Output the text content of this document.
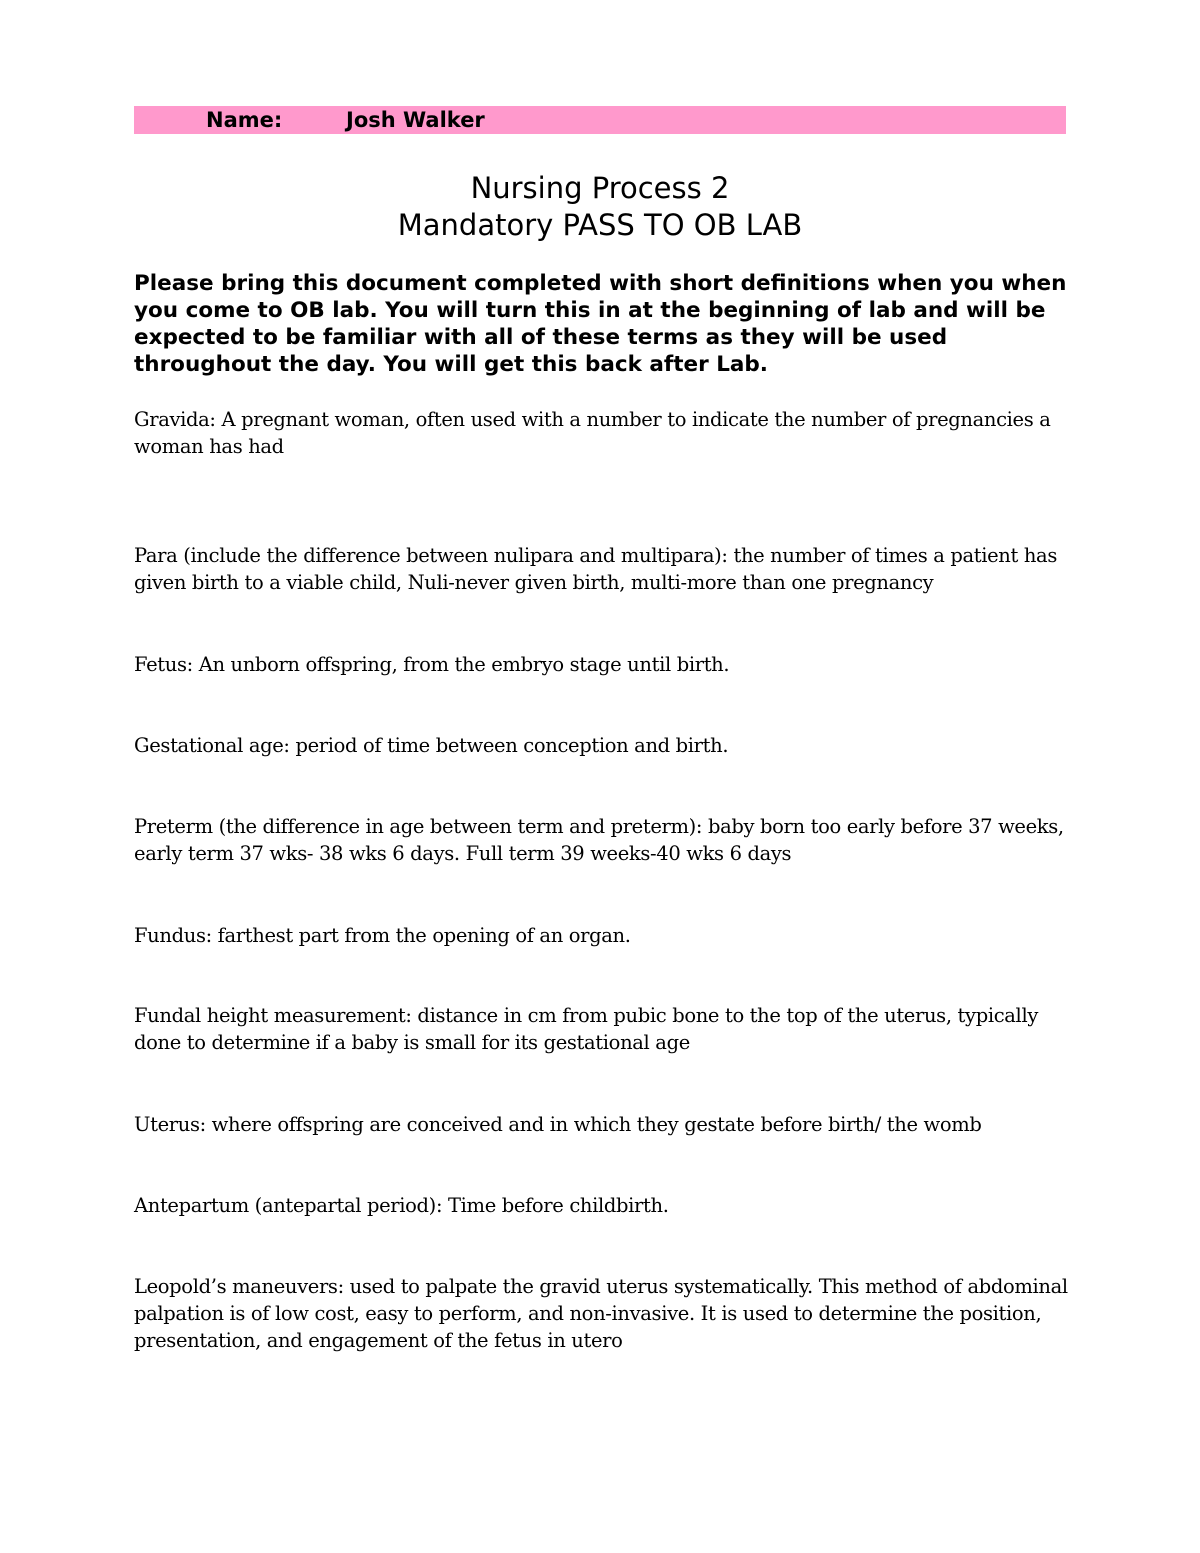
Name:	Josh Walker
Nursing Process 2
Mandatory PASS TO OB LAB

Please bring this document completed with short definitions when you when you come to OB lab. You will turn this in at the beginning of lab and will be expected to be familiar with all of these terms as they will be used throughout the day. You will get this back after Lab.

Gravida: A pregnant woman, often used with a number to indicate the number of pregnancies a woman has had

Para (include the difference between nulipara and multipara): the number of times a patient has given birth to a viable child, Nuli-never given birth, multi-more than one pregnancy

Fetus: An unborn offspring, from the embryo stage until birth.

Gestational age: period of time between conception and birth.

Preterm (the difference in age between term and preterm): baby born too early before 37 weeks, early term 37 wks- 38 wks 6 days. Full term 39 weeks-40 wks 6 days

Fundus: farthest part from the opening of an organ.

Fundal height measurement: distance in cm from pubic bone to the top of the uterus, typically done to determine if a baby is small for its gestational age

Uterus: where offspring are conceived and in which they gestate before birth/ the womb

Antepartum (antepartal period): Time before childbirth.

Leopold’s maneuvers: used to palpate the gravid uterus systematically. This method of abdominal palpation is of low cost, easy to perform, and non-invasive. It is used to determine the position, presentation, and engagement of the fetus in utero
